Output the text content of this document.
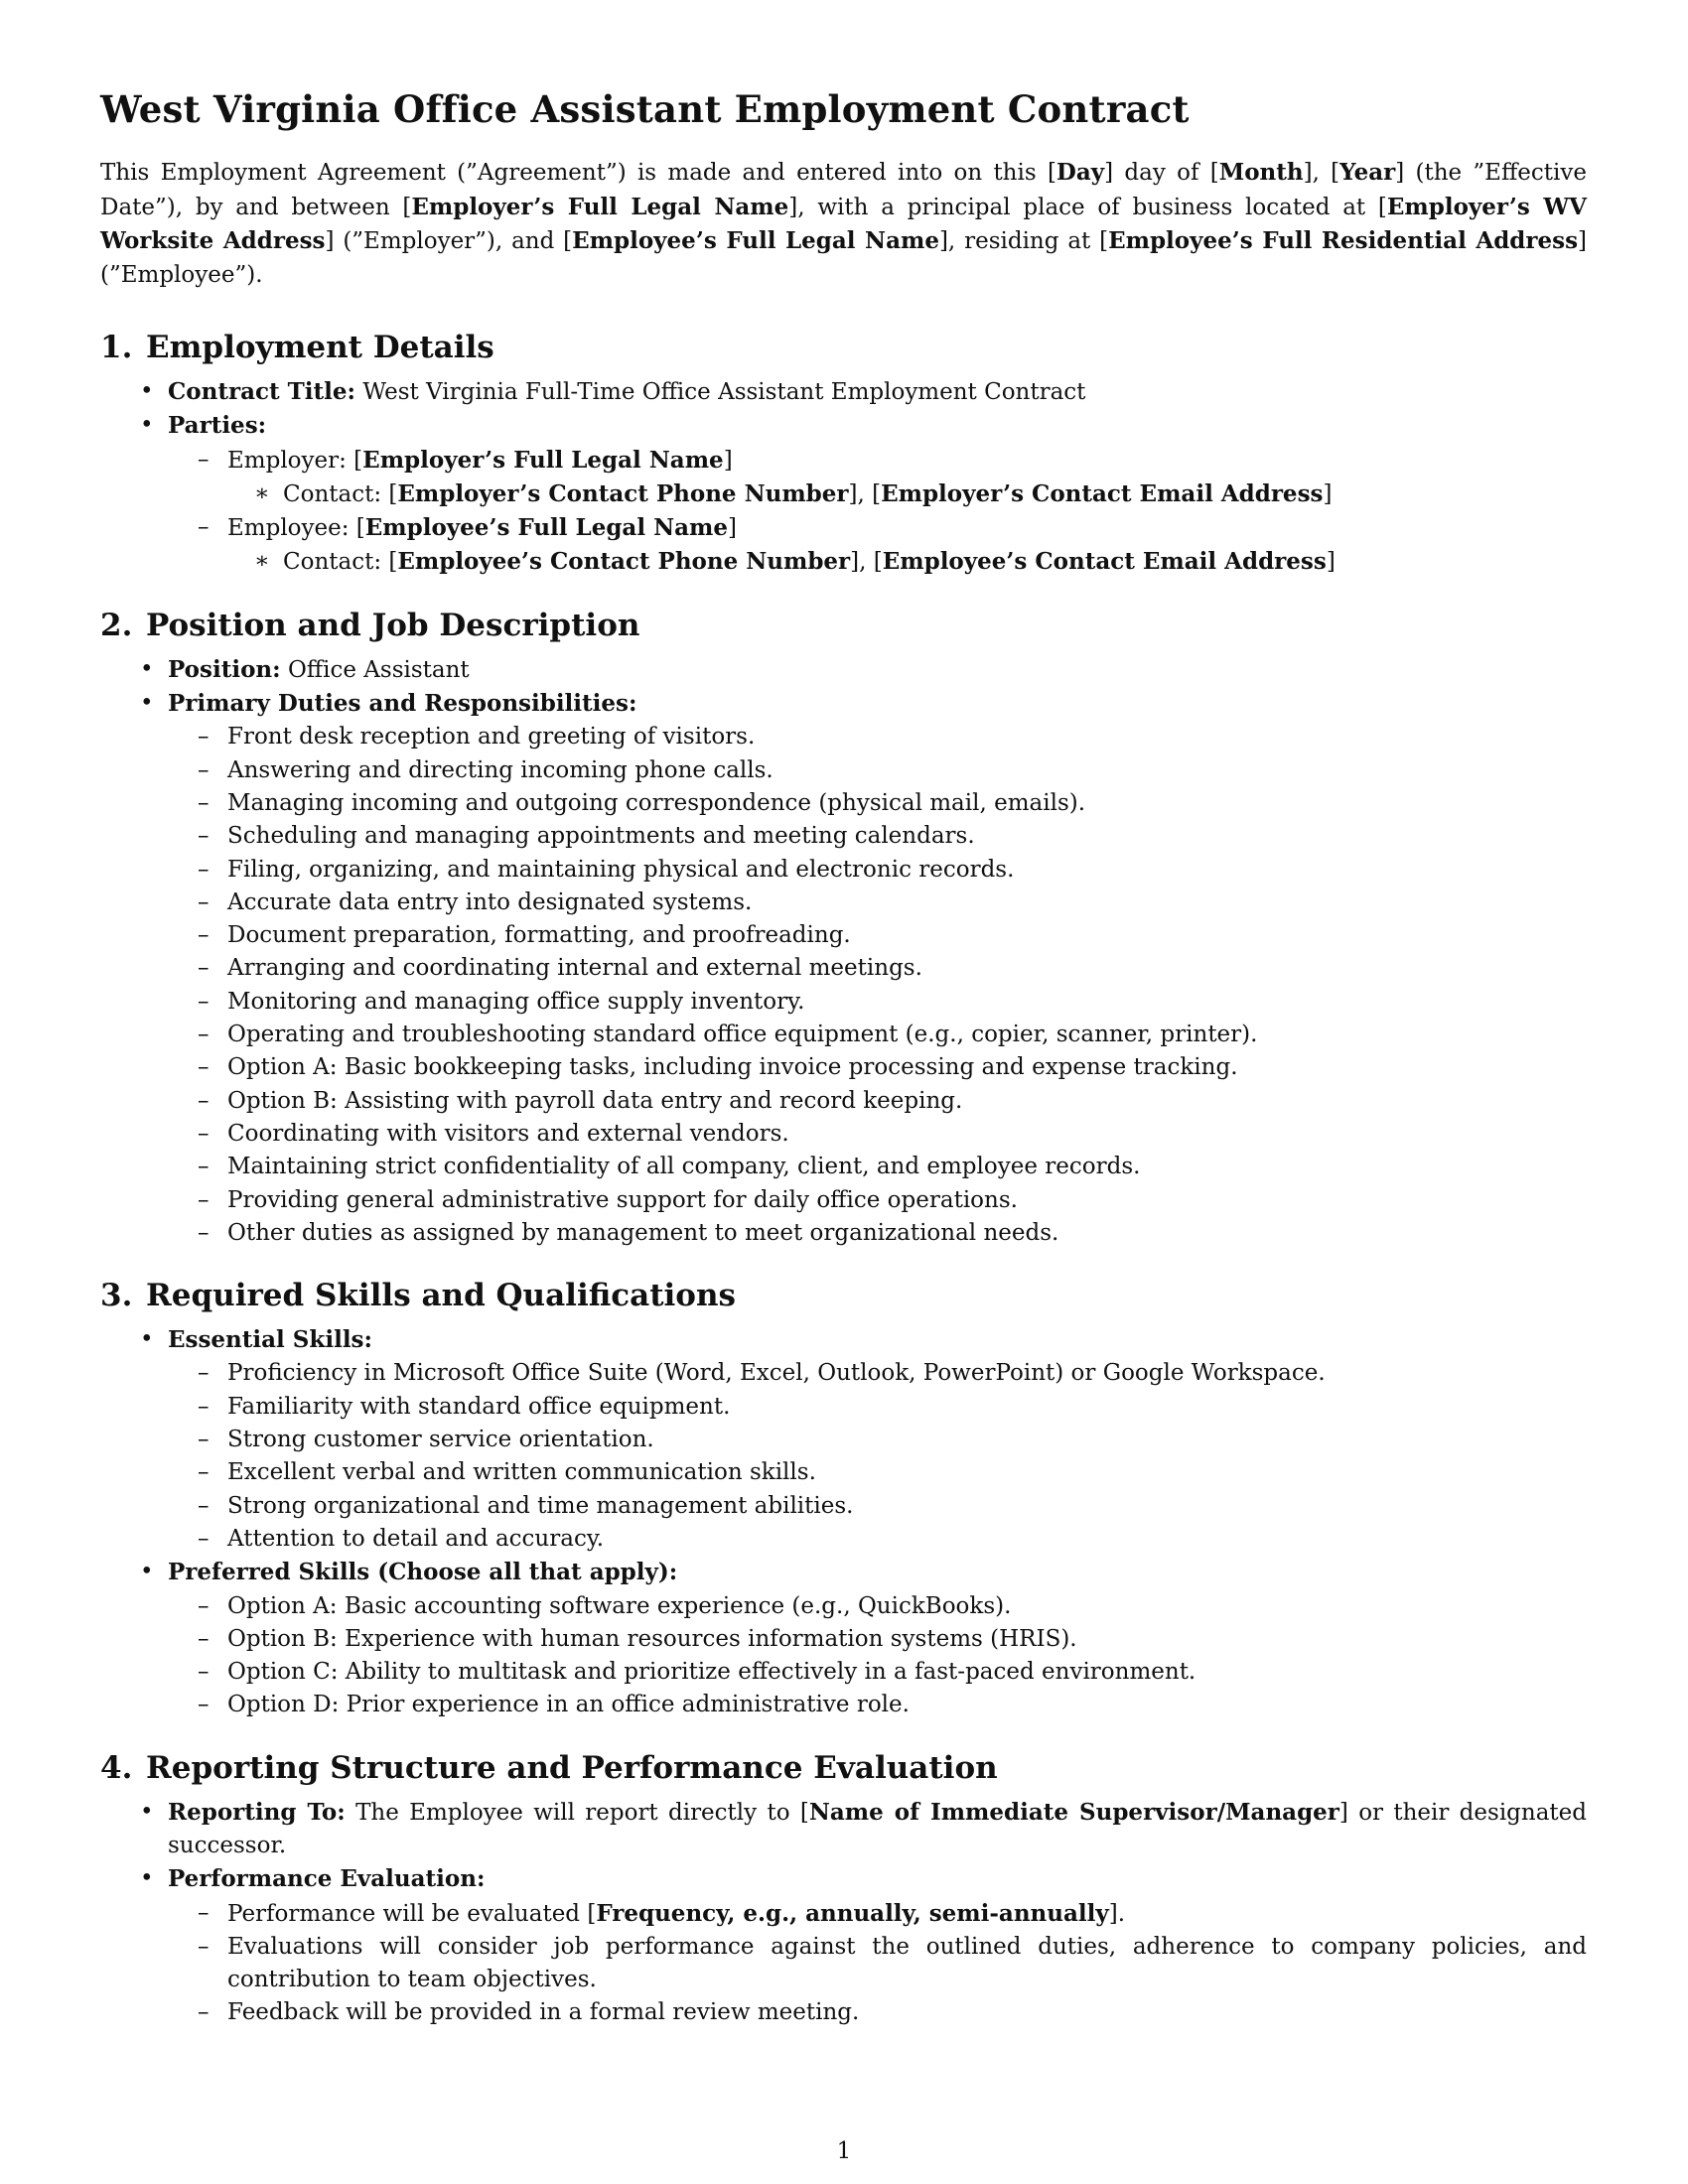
West Virginia Office Assistant Employment Contract

This Employment Agreement (”Agreement”) is made and entered into on this [Day] day of [Month], [Year] (the ”Effective Date”), by and between [Employer’s Full Legal Name], with a principal place of business located at [Employer’s WV Worksite Address] (”Employer”), and [Employee’s Full Legal Name], residing at [Employee’s Full Residential Address] (”Employee”).

1. Employment Details
• Contract Title: West Virginia Full-Time Office Assistant Employment Contract
• Parties:
– Employer: [Employer’s Full Legal Name]
∗ Contact: [Employer’s Contact Phone Number], [Employer’s Contact Email Address]
– Employee: [Employee’s Full Legal Name]
∗ Contact: [Employee’s Contact Phone Number], [Employee’s Contact Email Address]
2. Position and Job Description
• Position: Office Assistant
• Primary Duties and Responsibilities:
– Front desk reception and greeting of visitors.
– Answering and directing incoming phone calls.
– Managing incoming and outgoing correspondence (physical mail, emails).
– Scheduling and managing appointments and meeting calendars.
– Filing, organizing, and maintaining physical and electronic records.
– Accurate data entry into designated systems.
– Document preparation, formatting, and proofreading.
– Arranging and coordinating internal and external meetings.
– Monitoring and managing office supply inventory.
– Operating and troubleshooting standard office equipment (e.g., copier, scanner, printer).
– Option A: Basic bookkeeping tasks, including invoice processing and expense tracking.
– Option B: Assisting with payroll data entry and record keeping.
– Coordinating with visitors and external vendors.
– Maintaining strict confidentiality of all company, client, and employee records.
– Providing general administrative support for daily office operations.
– Other duties as assigned by management to meet organizational needs.
3. Required Skills and Qualifications
• Essential Skills:
– Proficiency in Microsoft Office Suite (Word, Excel, Outlook, PowerPoint) or Google Workspace.
– Familiarity with standard office equipment.
– Strong customer service orientation.
– Excellent verbal and written communication skills.
– Strong organizational and time management abilities.
– Attention to detail and accuracy.
• Preferred Skills (Choose all that apply):
– Option A: Basic accounting software experience (e.g., QuickBooks).
– Option B: Experience with human resources information systems (HRIS).
– Option C: Ability to multitask and prioritize effectively in a fast-paced environment.
– Option D: Prior experience in an office administrative role.
4. Reporting Structure and Performance Evaluation
• Reporting To: The Employee will report directly to [Name of Immediate Supervisor/Manager] or their designated successor.
• Performance Evaluation:
– Performance will be evaluated [Frequency, e.g., annually, semi-annually].
– Evaluations will consider job performance against the outlined duties, adherence to company policies, and contribution to team objectives.
– Feedback will be provided in a formal review meeting.
1
